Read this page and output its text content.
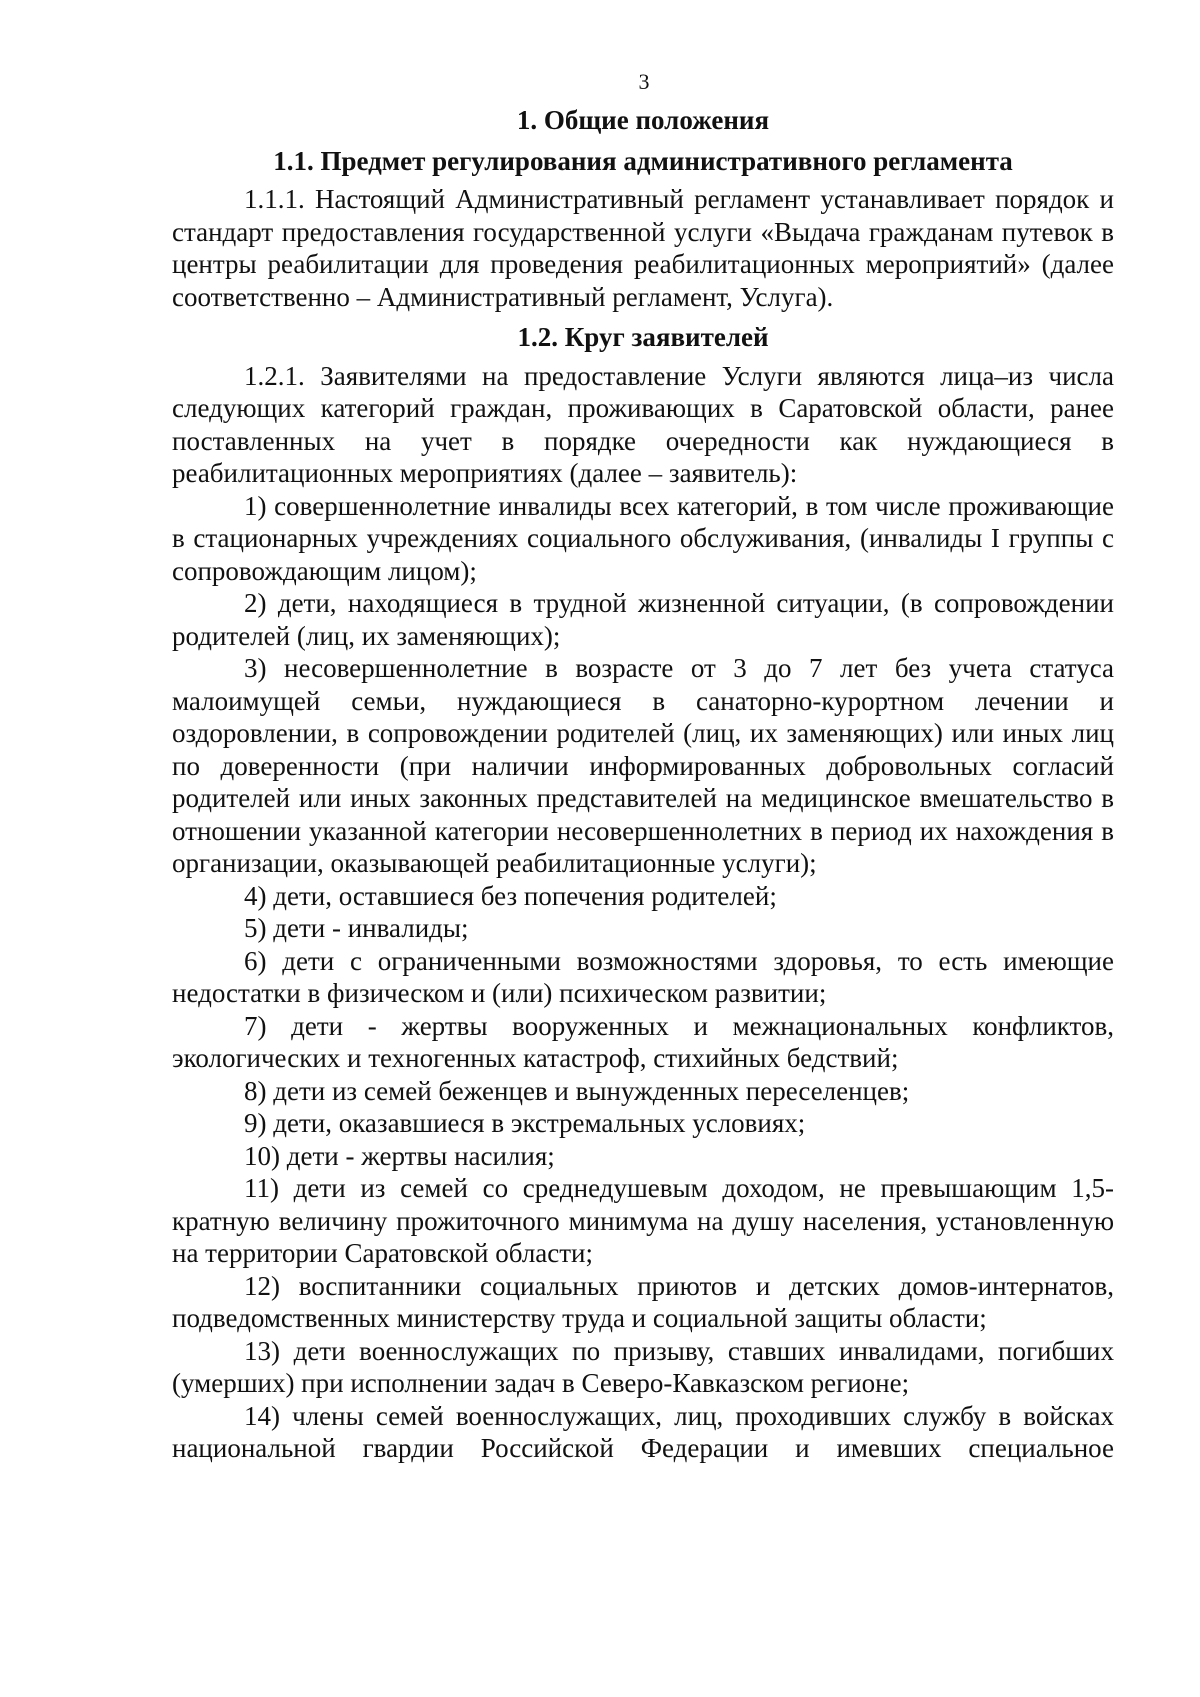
3
1. Общие положения
1.1. Предмет регулирования административного регламента

1.1.1. Настоящий Административный регламент устанавливает порядок и стандарт предоставления государственной услуги «Выдача гражданам путевок в центры реабилитации для проведения реабилитационных мероприятий» (далее соответственно – Административный регламент, Услуга).

1.2. Круг заявителей

1.2.1. Заявителями на предоставление Услуги являются лица–из числа следующих категорий граждан, проживающих в Саратовской области, ранее поставленных на учет в порядке очередности как нуждающиеся в реабилитационных мероприятиях (далее – заявитель):

1) совершеннолетние инвалиды всех категорий, в том числе проживающие в стационарных учреждениях социального обслуживания, (инвалиды I группы с сопровождающим лицом);

2) дети, находящиеся в трудной жизненной ситуации, (в сопровождении родителей (лиц, их заменяющих);

3) несовершеннолетние в возрасте от 3 до 7 лет без учета статуса малоимущей семьи, нуждающиеся в санаторно-курортном лечении и оздоровлении, в сопровождении родителей (лиц, их заменяющих) или иных лиц по доверенности (при наличии информированных добровольных согласий родителей или иных законных представителей на медицинское вмешательство в отношении указанной категории несовершеннолетних в период их нахождения в организации, оказывающей реабилитационные услуги);

4) дети, оставшиеся без попечения родителей;

5) дети - инвалиды;

6) дети с ограниченными возможностями здоровья, то есть имеющие недостатки в физическом и (или) психическом развитии;

7) дети - жертвы вооруженных и межнациональных конфликтов, экологических и техногенных катастроф, стихийных бедствий;

8) дети из семей беженцев и вынужденных переселенцев;

9) дети, оказавшиеся в экстремальных условиях;

10) дети - жертвы насилия;

11) дети из семей со среднедушевым доходом, не превышающим 1,5-кратную величину прожиточного минимума на душу населения, установленную на территории Саратовской области;

12) воспитанники социальных приютов и детских домов-интернатов, подведомственных министерству труда и социальной защиты области;

13) дети военнослужащих по призыву, ставших инвалидами, погибших (умерших) при исполнении задач в Северо-Кавказском регионе;

14) члены семей военнослужащих, лиц, проходивших службу в войсках национальной гвардии Российской Федерации и имевших специальное
